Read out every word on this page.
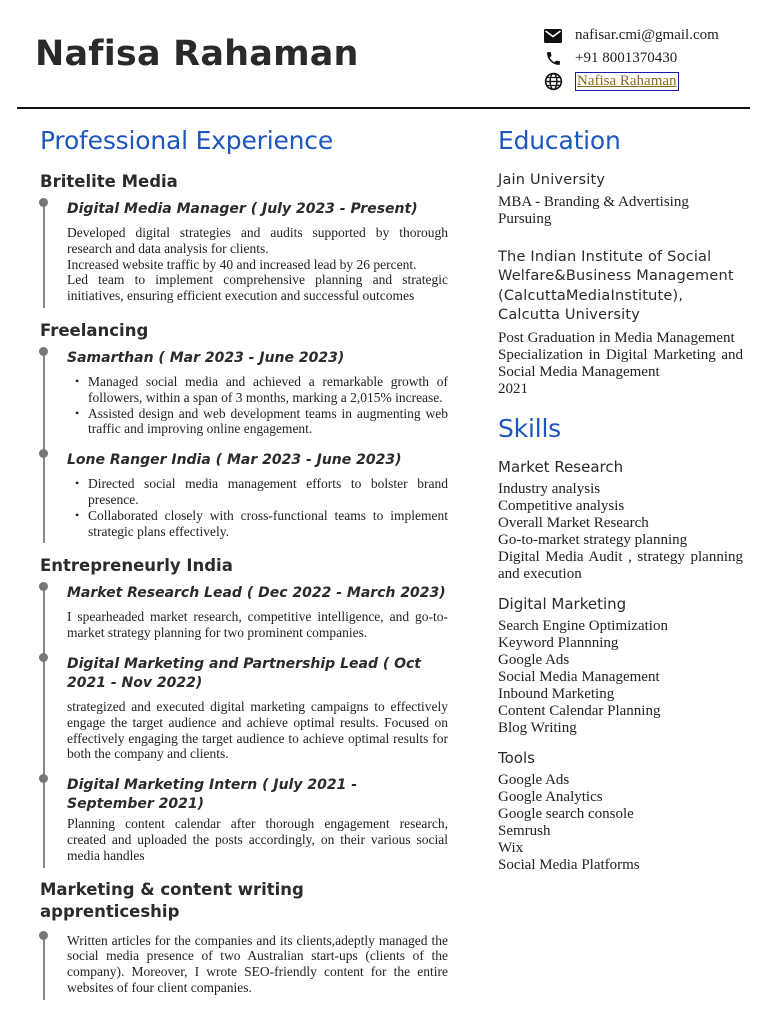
Nafisa Rahaman	nafisar.cmi@gmail.com
+91 8001370430
Nafisa Rahaman
Professional Experience
Britelite Media
Digital Media Manager ( July 2023 - Present)

Developed digital strategies and audits supported by thorough research and data analysis for clients.

Increased website traffic by 40 and increased lead by 26 percent.

Led team to implement comprehensive planning and strategic initiatives, ensuring efficient execution and successful outcomes

Freelancing
Samarthan ( Mar 2023 - June 2023)
• Managed social media and achieved a remarkable growth of followers, within a span of 3 months, marking a 2,015% increase.
• Assisted design and web development teams in augmenting web traffic and improving online engagement.
Lone Ranger India ( Mar 2023 - June 2023)
• Directed social media management efforts to bolster brand presence.
• Collaborated closely with cross-functional teams to implement strategic plans effectively.
Entrepreneurly India
Market Research Lead ( Dec 2022 - March 2023)

I spearheaded market research, competitive intelligence, and go-to-market strategy planning for two prominent companies.

Digital Marketing and Partnership Lead ( Oct 2021 - Nov 2022)

strategized and executed digital marketing campaigns to effectively engage the target audience and achieve optimal results. Focused on effectively engaging the target audience to achieve optimal results for both the company and clients.

Digital Marketing Intern ( July 2021 - September 2021)

Planning content calendar after thorough engagement research, created and uploaded the posts accordingly, on their various social media handles

Marketing & content writing apprenticeship

Written articles for the companies and its clients,adeptly managed the social media presence of two Australian start-ups (clients of the company). Moreover, I wrote SEO-friendly content for the entire websites of four client companies.

Education
Jain University
MBA - Branding & Advertising
Pursuing
The Indian Institute of Social Welfare&Business Management (CalcuttaMediaInstitute), Calcutta University
Post Graduation in Media Management
Specialization in Digital Marketing and Social Media Management
2021
Skills
Market Research
Industry analysis
Competitive analysis
Overall Market Research
Go-to-market strategy planning
Digital Media Audit , strategy planning and execution
Digital Marketing
Search Engine Optimization
Keyword Plannning
Google Ads
Social Media Management
Inbound Marketing
Content Calendar Planning
Blog Writing
Tools
Google Ads
Google Analytics
Google search console
Semrush
Wix
Social Media Platforms
